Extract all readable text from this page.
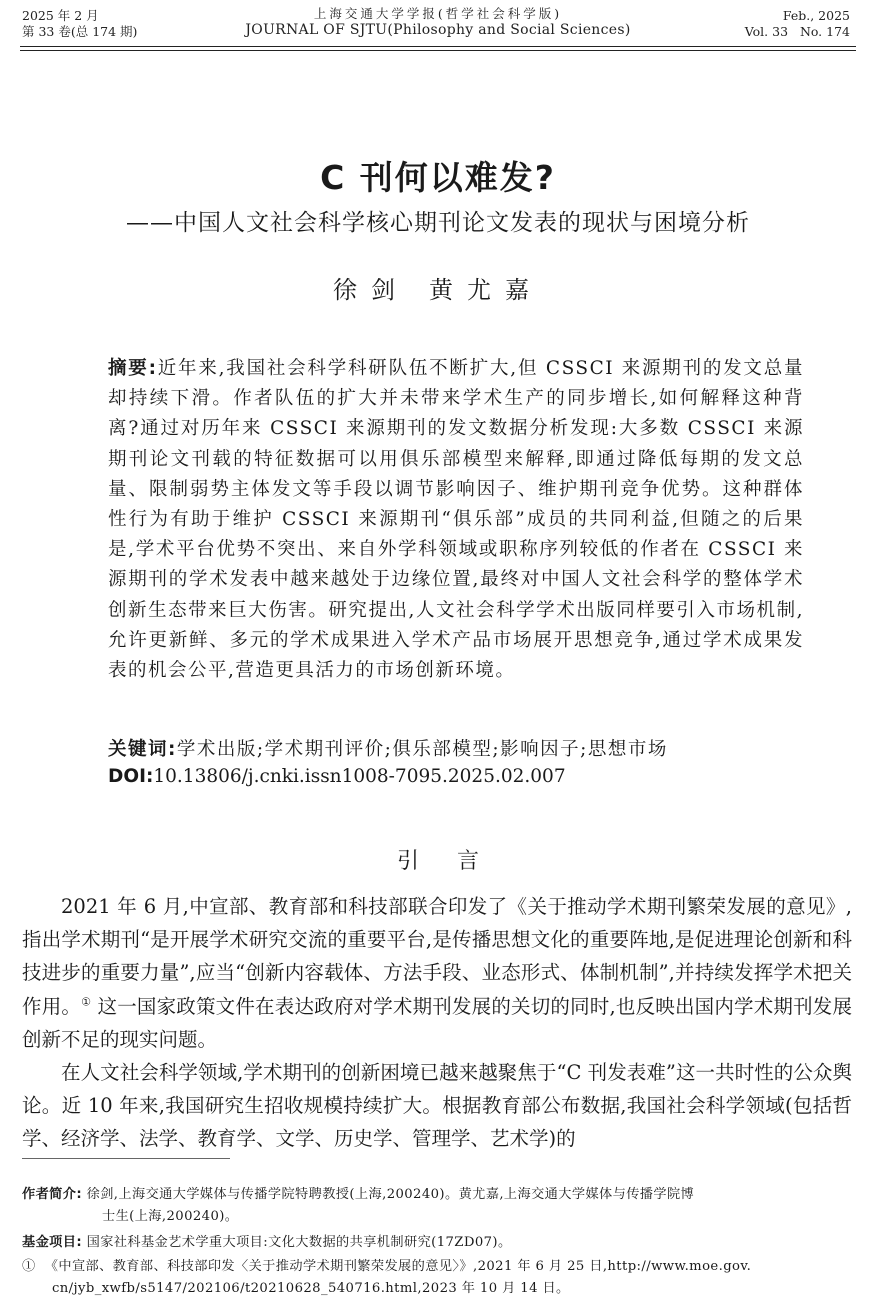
2025 年 2 月
第 33 卷(总 174 期)
上海交通大学学报(哲学社会科学版)
JOURNAL OF SJTU(Philosophy and Social Sciences)
Feb., 2025
Vol. 33   No. 174
C 刊何以难发?
——中国人文社会科学核心期刊论文发表的现状与困境分析
徐剑 黄尤嘉
摘要:近年来,我国社会科学科研队伍不断扩大,但 CSSCI 来源期刊的发文总量却持续下滑。作者队伍的扩大并未带来学术生产的同步增长,如何解释这种背离?通过对历年来 CSSCI 来源期刊的发文数据分析发现:大多数 CSSCI 来源期刊论文刊载的特征数据可以用俱乐部模型来解释,即通过降低每期的发文总量、限制弱势主体发文等手段以调节影响因子、维护期刊竞争优势。这种群体性行为有助于维护 CSSCI 来源期刊“俱乐部”成员的共同利益,但随之的后果是,学术平台优势不突出、来自外学科领域或职称序列较低的作者在 CSSCI 来源期刊的学术发表中越来越处于边缘位置,最终对中国人文社会科学的整体学术创新生态带来巨大伤害。研究提出,人文社会科学学术出版同样要引入市场机制,允许更新鲜、多元的学术成果进入学术产品市场展开思想竞争,通过学术成果发表的机会公平,营造更具活力的市场创新环境。
关键词:学术出版;学术期刊评价;俱乐部模型;影响因子;思想市场
DOI:10.13806/j.cnki.issn1008-7095.2025.02.007
引言

2021 年 6 月,中宣部、教育部和科技部联合印发了《关于推动学术期刊繁荣发展的意见》,指出学术期刊“是开展学术研究交流的重要平台,是传播思想文化的重要阵地,是促进理论创新和科技进步的重要力量”,应当“创新内容载体、方法手段、业态形式、体制机制”,并持续发挥学术把关作用。① 这一国家政策文件在表达政府对学术期刊发展的关切的同时,也反映出国内学术期刊发展创新不足的现实问题。

在人文社会科学领域,学术期刊的创新困境已越来越聚焦于“C 刊发表难”这一共时性的公众舆论。近 10 年来,我国研究生招收规模持续扩大。根据教育部公布数据,我国社会科学领域(包括哲学、经济学、法学、教育学、文学、历史学、管理学、艺术学)的

作者简介: 徐剑,上海交通大学媒体与传播学院特聘教授(上海,200240)。黄尤嘉,上海交通大学媒体与传播学院博
士生(上海,200240)。
基金项目: 国家社科基金艺术学重大项目:文化大数据的共享机制研究(17ZD07)。
① 《中宣部、教育部、科技部印发〈关于推动学术期刊繁荣发展的意见〉》,2021 年 6 月 25 日,http://www.moe.gov.
cn/jyb_xwfb/s5147/202106/t20210628_540716.html,2023 年 10 月 14 日。
